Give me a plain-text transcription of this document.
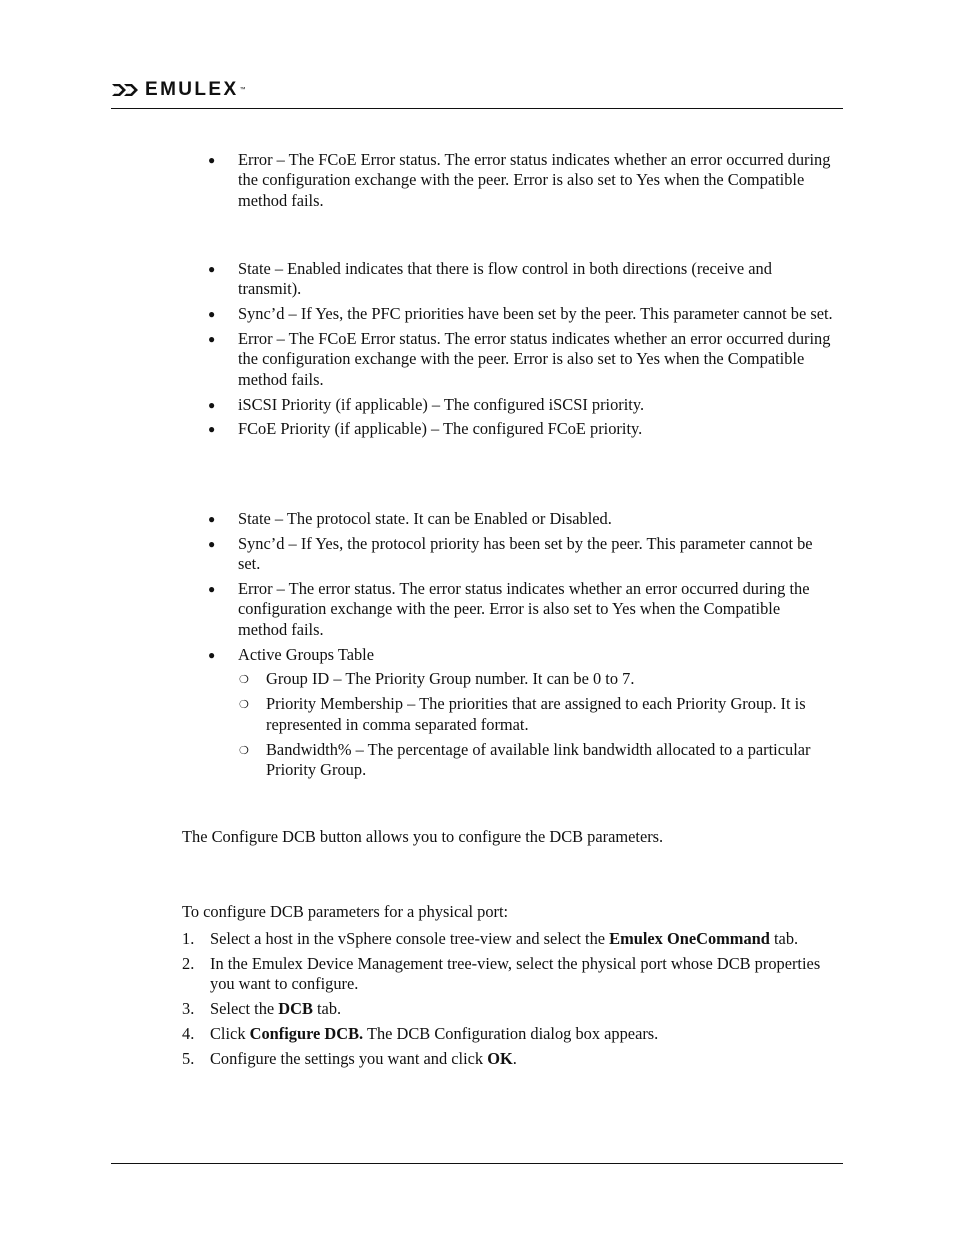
EMULEX ™
● Error – The FCoE Error status. The error status indicates whether an error occurred during the configuration exchange with the peer. Error is also set to Yes when the Compatible method fails.
● State – Enabled indicates that there is flow control in both directions (receive and transmit).
● Sync’d – If Yes, the PFC priorities have been set by the peer. This parameter cannot be set.
● Error – The FCoE Error status. The error status indicates whether an error occurred during the configuration exchange with the peer. Error is also set to Yes when the Compatible method fails.
● iSCSI Priority (if applicable) – The configured iSCSI priority.
● FCoE Priority (if applicable) – The configured FCoE priority.
● State – The protocol state. It can be Enabled or Disabled.
● Sync’d – If Yes, the protocol priority has been set by the peer. This parameter cannot be set.
● Error – The error status. The error status indicates whether an error occurred during the configuration exchange with the peer. Error is also set to Yes when the Compatible method fails.
● Active Groups Table
❍ Group ID – The Priority Group number. It can be 0 to 7.
❍ Priority Membership – The priorities that are assigned to each Priority Group. It is represented in comma separated format.
❍ Bandwidth% – The percentage of available link bandwidth allocated to a particular Priority Group.

The Configure DCB button allows you to configure the DCB parameters.

To configure DCB parameters for a physical port:

1. Select a host in the vSphere console tree-view and select the Emulex OneCommand tab.
2. In the Emulex Device Management tree-view, select the physical port whose DCB properties you want to configure.
3. Select the DCB tab.
4. Click Configure DCB. The DCB Configuration dialog box appears.
5. Configure the settings you want and click OK.
